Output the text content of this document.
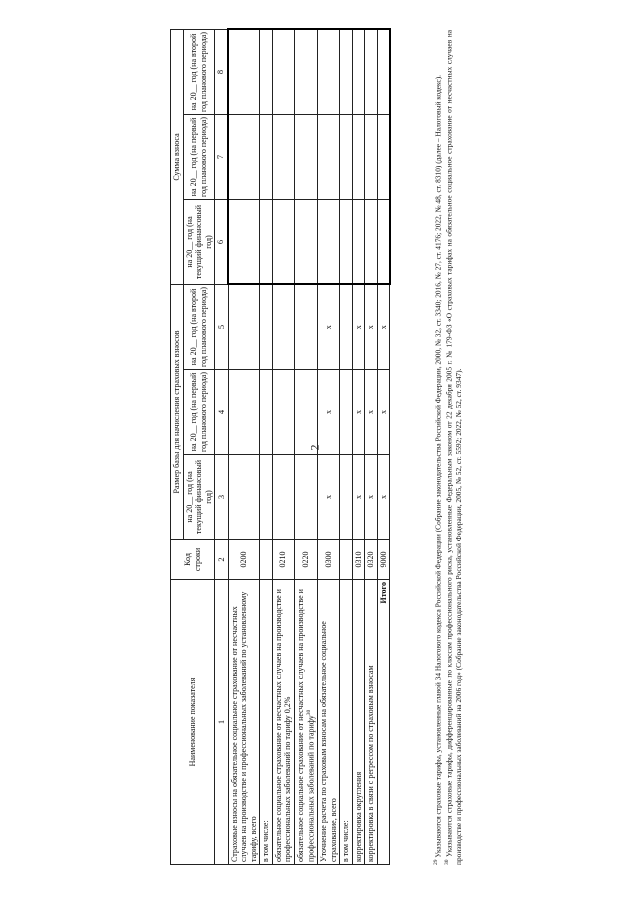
2
Наименование показателя	Код строки	Размер базы для начисления страховых взносов			Сумма взноса		
		на 20__ год (на текущий финансовый год)	на 20__ год (на первый год планового периода)	на 20__ год (на второй год планового периода)	на 20__ год (на текущий финансовый год)	на 20__ год (на первый год планового периода)	на 20__ год (на второй год планового периода)
1	2	3	4	5	6	7	8
Страховые взносы на обязательное социальное страхование от несчастных случаев на производстве и профессиональных заболеваний по установленному тарифу, всего	0200						
в том числе:							
обязательное социальное страхование от несчастных случаев на производстве и профессиональных заболеваний по тарифу 0,2%	0210						
обязательное социальное страхование от несчастных случаев на производстве и профессиональных заболеваний по тарифу$^{30}$	0220						
Уточнение расчета по страховым взносам на обязательное социальное страхование, всего	0300	х	х	х			
в том числе:							
корректировка округления	0310	х	х	х			
корректировка в связи с регрессом по страховым взносам	0320	х	х	х			
Итого	9000	х	х	х			

$^{29}$ Указываются страховые тарифы, установленные главой 34 Налогового кодекса Российской Федерации (Собрание законодательства Российской Федерации, 2000, № 32, ст. 3340; 2016, № 27, ст. 4176; 2022, № 48, ст. 8310) (далее – Налоговый кодекс).

$^{30}$ Указываются страховые тарифы, дифференцированные по классам профессионального риска, установленные Федеральным законом от 22 декабря 2005 г. № 179-ФЗ «О страховых тарифах на обязательное социальное страхование от несчастных случаев на производстве и профессиональных заболеваний на 2006 год» (Собрание законодательства Российской Федерации, 2005, № 52, ст. 5592; 2022, № 52, ст. 9347).
